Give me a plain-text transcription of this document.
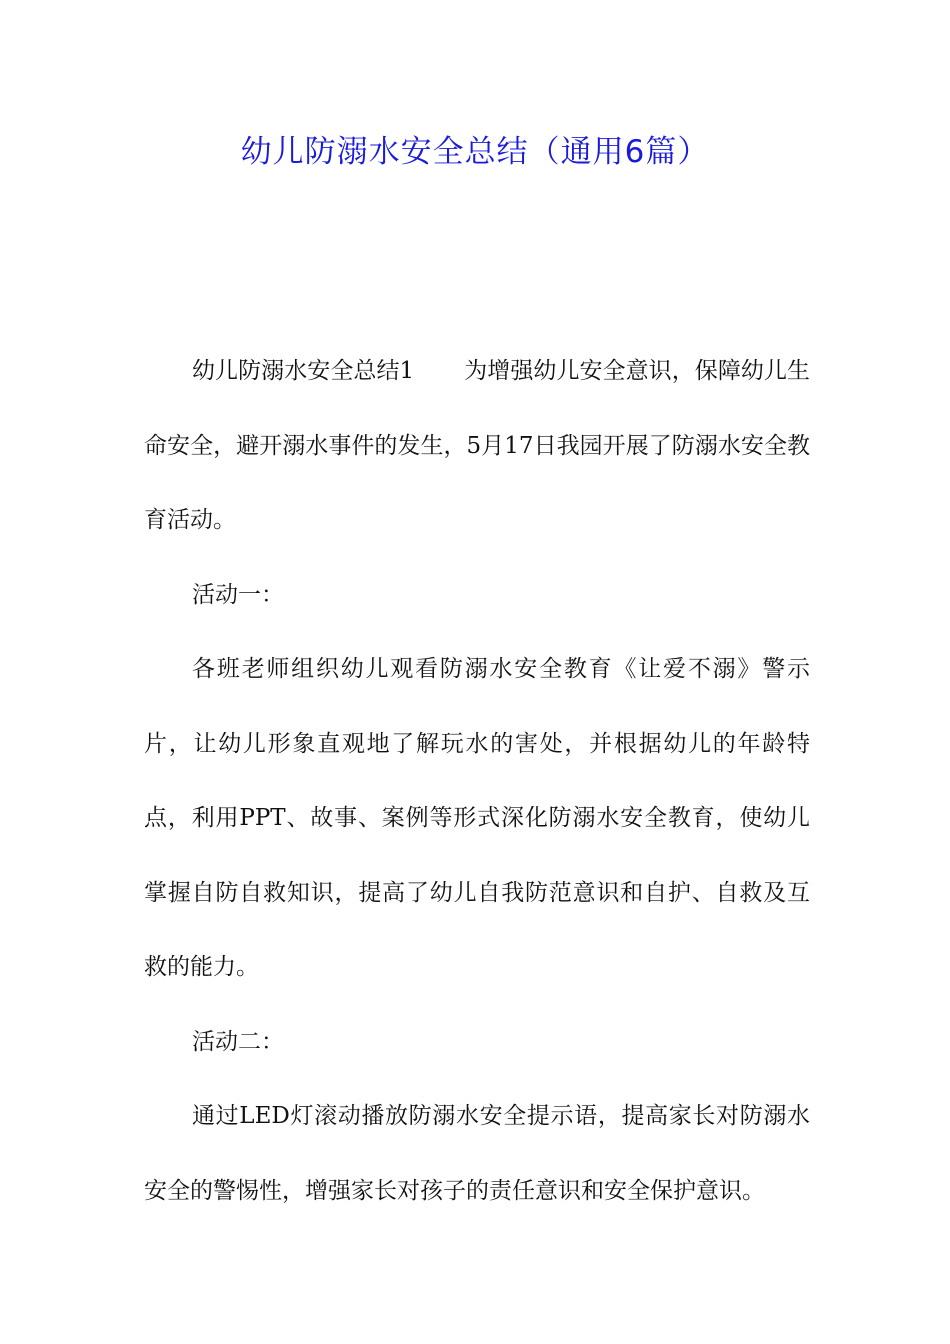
幼儿防溺水安全总结（通用6篇）

幼儿防溺水安全总结1 为增强幼儿安全意识，保障幼儿生命安全，避开溺水事件的发生，5月17日我园开展了防溺水安全教育活动。

活动一：

各班老师组织幼儿观看防溺水安全教育《让爱不溺》警示片，让幼儿形象直观地了解玩水的害处，并根据幼儿的年龄特点，利用PPT、故事、案例等形式深化防溺水安全教育，使幼儿掌握自防自救知识，提高了幼儿自我防范意识和自护、自救及互救的能力。

活动二：

通过LED灯滚动播放防溺水安全提示语，提高家长对防溺水安全的警惕性，增强家长对孩子的责任意识和安全保护意识。
